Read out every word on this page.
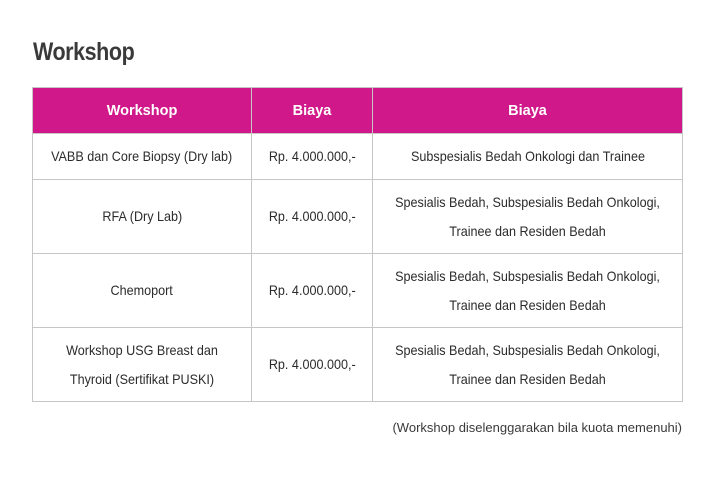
Workshop
Workshop	Biaya	Biaya
VABB dan Core Biopsy (Dry lab)	Rp. 4.000.000,-	Subspesialis Bedah Onkologi dan Trainee
RFA (Dry Lab)	Rp. 4.000.000,-	Spesialis Bedah, Subspesialis Bedah Onkologi, Trainee dan Residen Bedah
Chemoport	Rp. 4.000.000,-	Spesialis Bedah, Subspesialis Bedah Onkologi, Trainee dan Residen Bedah
Workshop USG Breast dan Thyroid (Sertifikat PUSKI)	Rp. 4.000.000,-	Spesialis Bedah, Subspesialis Bedah Onkologi, Trainee dan Residen Bedah
(Workshop diselenggarakan bila kuota memenuhi)
